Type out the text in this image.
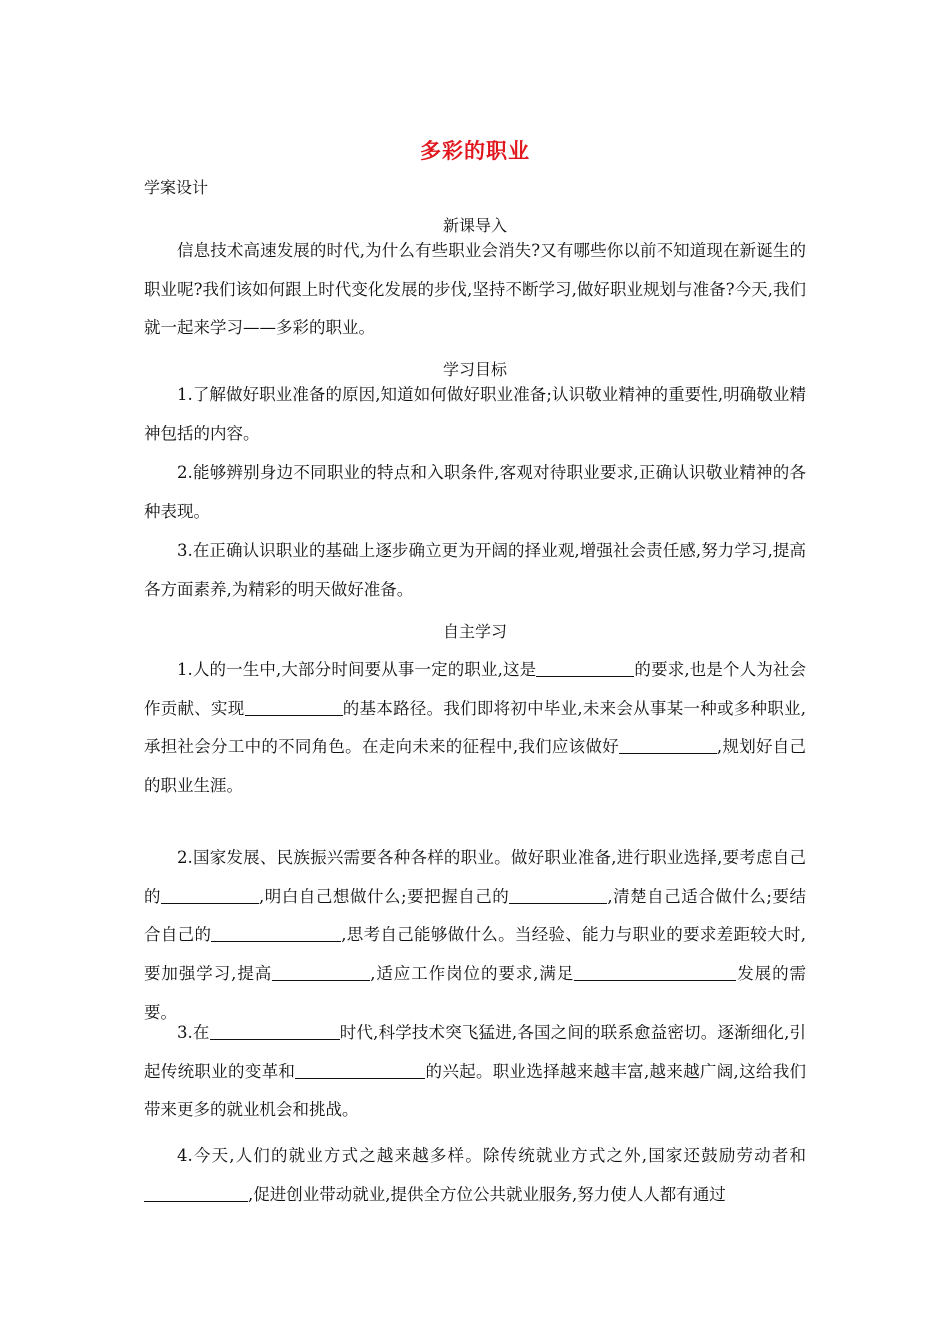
多彩的职业
学案设计
新课导入
信息技术高速发展的时代,为什么有些职业会消失?又有哪些你以前不知道现在新诞生的职业呢?我们该如何跟上时代变化发展的步伐,坚持不断学习,做好职业规划与准备?今天,我们就一起来学习——多彩的职业。
学习目标
1.了解做好职业准备的原因,知道如何做好职业准备;认识敬业精神的重要性,明确敬业精神包括的内容。
2.能够辨别身边不同职业的特点和入职条件,客观对待职业要求,正确认识敬业精神的各种表现。
3.在正确认识职业的基础上逐步确立更为开阔的择业观,增强社会责任感,努力学习,提高各方面素养,为精彩的明天做好准备。
自主学习
1.人的一生中,大部分时间要从事一定的职业,这是	的要求,也是个人为社会作贡献、实现	的基本路径。我们即将初中毕业,未来会从事某一种或多种职业,承担社会分工中的不同角色。在走向未来的征程中,我们应该做好	,规划好自己的职业生涯。
2.国家发展、民族振兴需要各种各样的职业。做好职业准备,进行职业选择,要考虑自己的	,明白自己想做什么;要把握自己的	,清楚自己适合做什么;要结合自己的	,思考自己能够做什么。当经验、能力与职业的要求差距较大时,要加强学习,提高	,适应工作岗位的要求,满足	发展的需要。
3.在	时代,科学技术突飞猛进,各国之间的联系愈益密切。逐渐细化,引起传统职业的变革和	的兴起。职业选择越来越丰富,越来越广阔,这给我们带来更多的就业机会和挑战。
4.今天,人们的就业方式之越来越多样。除传统就业方式之外,国家还鼓励劳动者和,促进创业带动就业,提供全方位公共就业服务,努力使人人都有通过
